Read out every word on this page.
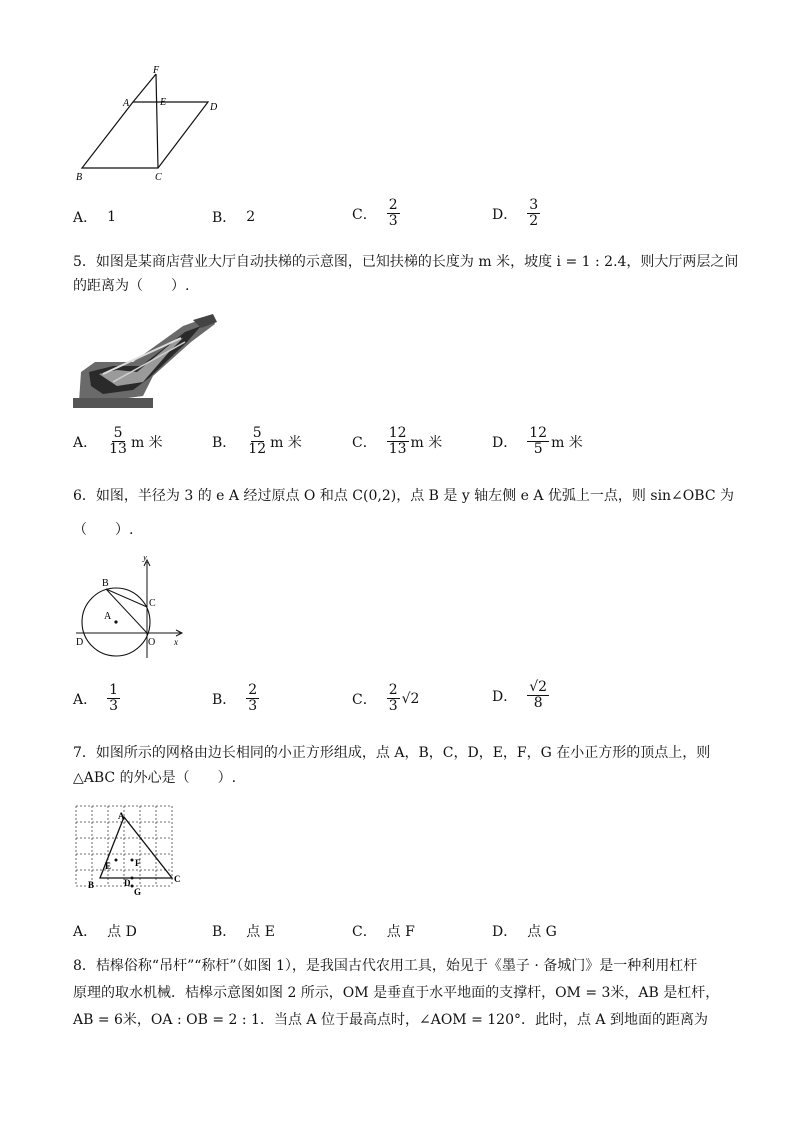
F
A	E	D
B	C
A． 1	B． 2	C． $\frac{2}{3}$	D． $\frac{3}{2}$
5．如图是某商店营业大厅自动扶梯的示意图，已知扶梯的长度为 m 米，坡度 i = 1 : 2.4，则大厅两层之间
的距离为（　　）.
A． $\frac{5}{13}$ m 米	B． $\frac{5}{12}$ m 米	C． $\frac{12}{13}$ m 米	D． $\frac{12}{5}$ m 米
6．如图，半径为 3 的 e A 经过原点 O 和点 C(0,2)，点 B 是 y 轴左侧 e A 优弧上一点，则 sin∠OBC 为
（　　）.
y
B
C
A
D	O x
A． $\frac{1}{3}$	B． $\frac{2}{3}$	C． $\frac{2}{3} √2$	D． $\frac{√2}{8}$
7．如图所示的网格由边长相同的小正方形组成，点 A，B，C，D，E，F，G 在小正方形的顶点上，则
△ABC 的外心是（　　）.
A
B
C
D
E	F
G
A． 点 D	B． 点 E	C． 点 F	D． 点 G
8．桔槔俗称“吊杆”“称杆”（如图 1），是我国古代农用工具，始见于《墨子 · 备城门》是一种利用杠杆
原理的取水机械．桔槔示意图如图 2 所示，OM 是垂直于水平地面的支撑杆，OM = 3米，AB 是杠杆，
AB = 6米，OA : OB = 2 : 1．当点 A 位于最高点时，∠AOM = 120°．此时，点 A 到地面的距离为
